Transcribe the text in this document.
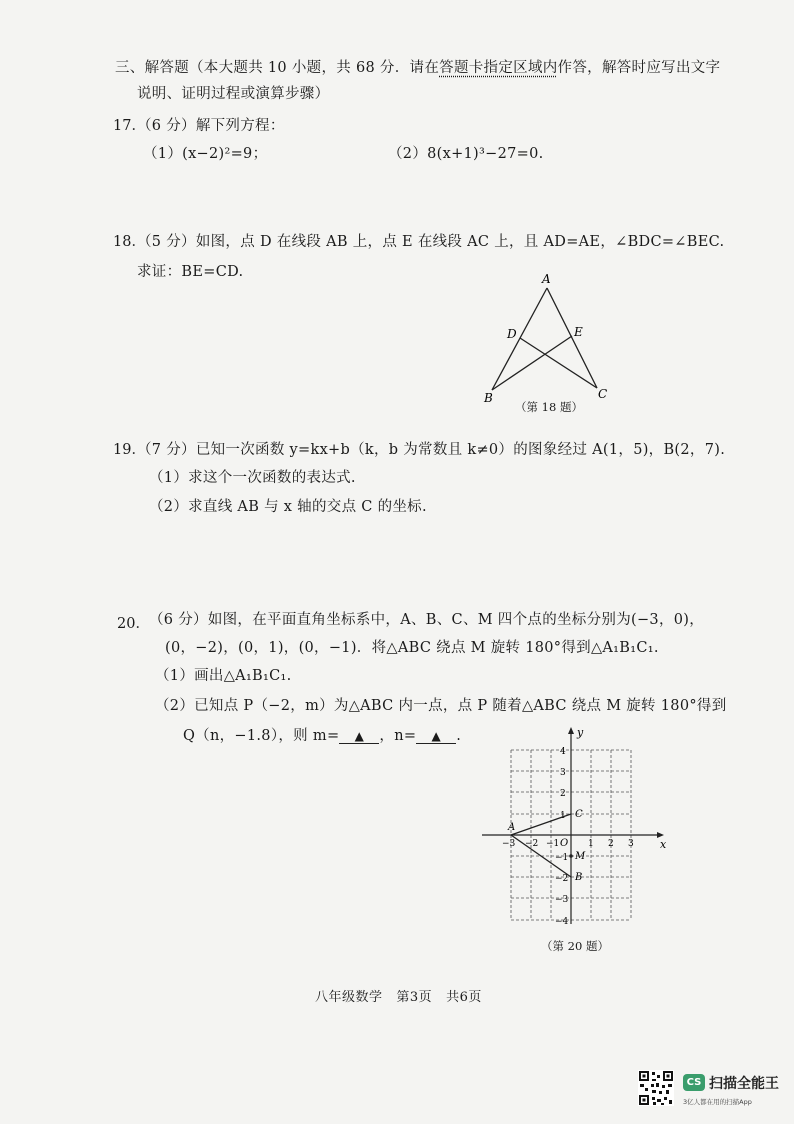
三、解答题（本大题共 10 小题，共 68 分．请在答题卡指定区域内作答，解答时应写出文字
说明、证明过程或演算步骤）
17．
（6 分）解下列方程：
（1）(x−2)²=9；	（2）8(x+1)³−27=0.
18．
（5 分）如图，点 D 在线段 AB 上，点 E 在线段 AC 上，且 AD=AE，∠BDC=∠BEC.
求证：BE=CD.	A
D	E
B	C
（第 18 题）
19．
（7 分）已知一次函数 y=kx+b（k，b 为常数且 k≠0）的图象经过 A(1，5)，B(2，7).
（1）求这个一次函数的表达式.
（2）求直线 AB 与 x 轴的交点 C 的坐标.
20． （6 分）如图，在平面直角坐标系中，A、B、C、M 四个点的坐标分别为(−3，0)，
(0，−2)，(0，1)，(0，−1)．将△ABC 绕点 M 旋转 180°得到△A₁B₁C₁.
（1）画出△A₁B₁C₁.
（2）已知点 P（−2，m）为△ABC 内一点，点 P 随着△ABC 绕点 M 旋转 180°得到
Q（n，−1.8），则 m= ▲ ，n= ▲ .
x
y
O
−3 −2 −1	1 2 3
4
3
2
1
−1
−2
−3
−4
A
C
M
B
（第 20 题）
八年级数学   第3页   共6页
CS 扫描全能王
3亿人都在用的扫描App
